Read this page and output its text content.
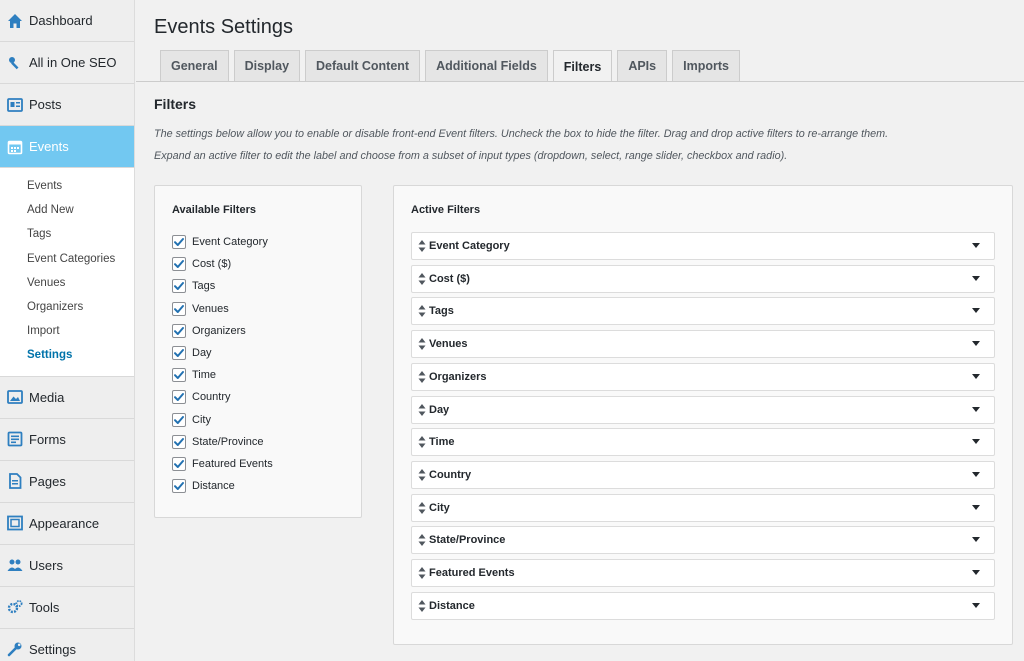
Dashboard
All in One SEO
Posts
Events
Events
Add New
Tags
Event Categories
Venues
Organizers
Import
Settings
Media
Forms
Pages
Appearance
Users
Tools
Settings
Events Settings
General	Display	Default Content	Additional Fields	Filters	APIs	Imports
Filters

The settings below allow you to enable or disable front-end Event filters. Uncheck the box to hide the filter. Drag and drop active filters to re-arrange them.

Expand an active filter to edit the label and choose from a subset of input types (dropdown, select, range slider, checkbox and radio).

Available Filters
Event Category
Cost ($)
Tags
Venues
Organizers
Day
Time
Country
City
State/Province
Featured Events
Distance
Active Filters
Event Category
Cost ($)
Tags
Venues
Organizers
Day
Time
Country
City
State/Province
Featured Events
Distance
